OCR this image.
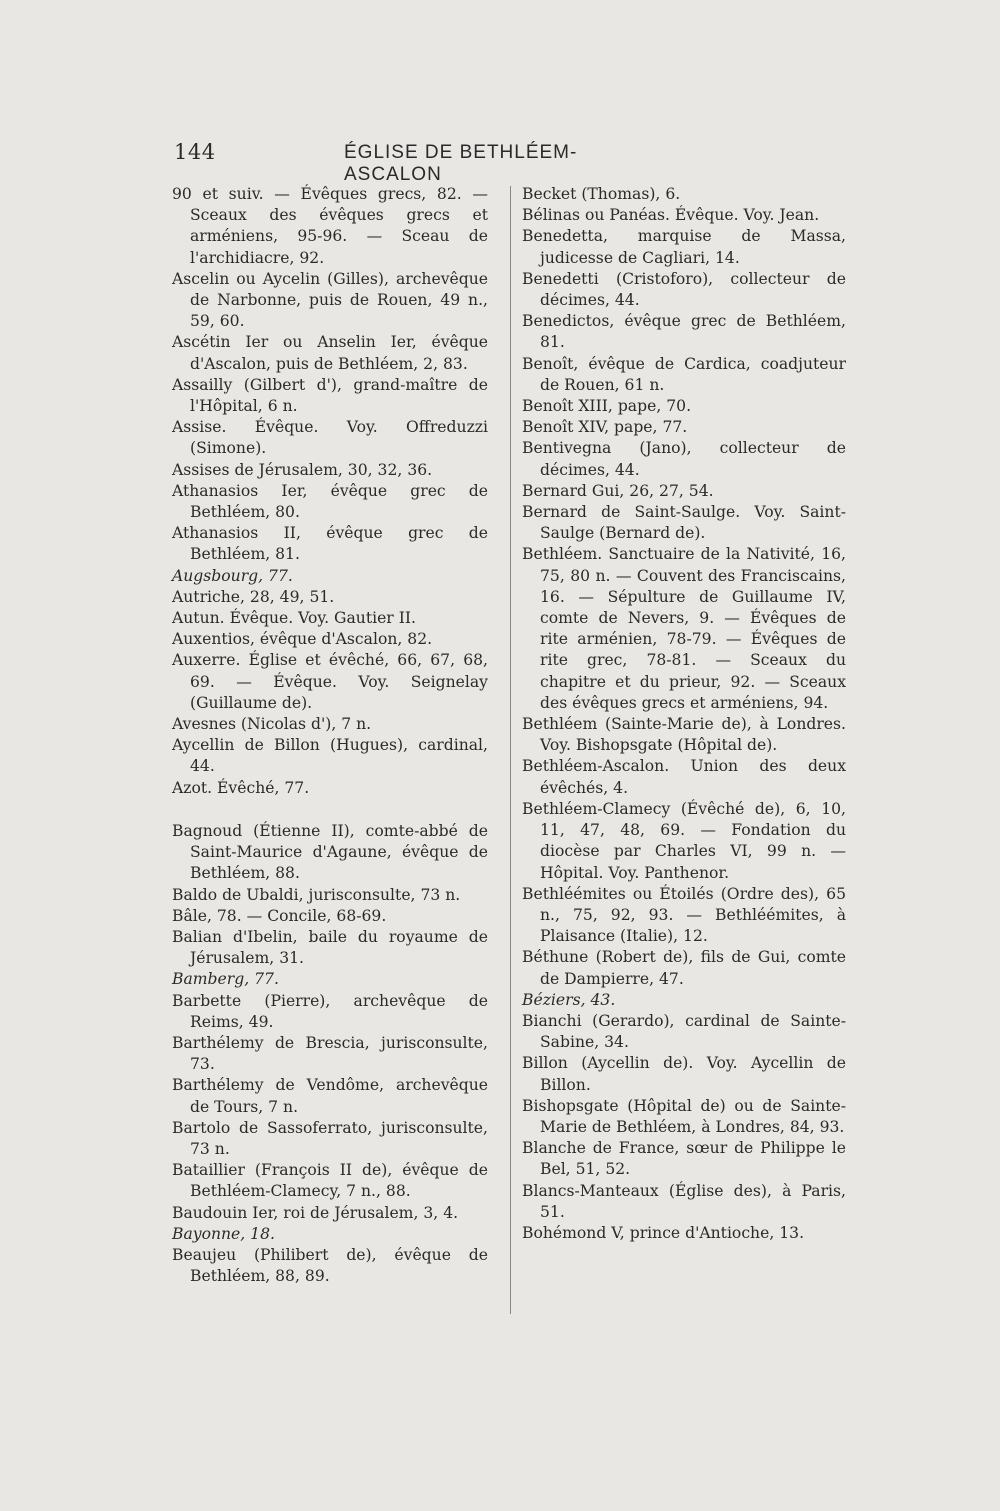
144	ÉGLISE DE BETHLÉEM-ASCALON

90 et suiv. — Évêques grecs, 82. — Sceaux des évêques grecs et arméniens, 95-96. — Sceau de l'archidiacre, 92.

Ascelin ou Aycelin (Gilles), archevêque de Narbonne, puis de Rouen, 49 n., 59, 60.

Ascétin Ier ou Anselin Ier, évêque d'Ascalon, puis de Bethléem, 2, 83.

Assailly (Gilbert d'), grand-maître de l'Hôpital, 6 n.

Assise. Évêque. Voy. Offreduzzi (Simone).

Assises de Jérusalem, 30, 32, 36.

Athanasios Ier, évêque grec de Bethléem, 80.

Athanasios II, évêque grec de Bethléem, 81.

Augsbourg, 77.

Autriche, 28, 49, 51.

Autun. Évêque. Voy. Gautier II.

Auxentios, évêque d'Ascalon, 82.

Auxerre. Église et évêché, 66, 67, 68, 69. — Évêque. Voy. Seignelay (Guillaume de).

Avesnes (Nicolas d'), 7 n.

Aycellin de Billon (Hugues), cardinal, 44.

Azot. Évêché, 77.

Bagnoud (Étienne II), comte-abbé de Saint-Maurice d'Agaune, évêque de Bethléem, 88.

Baldo de Ubaldi, jurisconsulte, 73 n.

Bâle, 78. — Concile, 68-69.

Balian d'Ibelin, baile du royaume de Jérusalem, 31.

Bamberg, 77.

Barbette (Pierre), archevêque de Reims, 49.

Barthélemy de Brescia, jurisconsulte, 73.

Barthélemy de Vendôme, archevêque de Tours, 7 n.

Bartolo de Sassoferrato, jurisconsulte, 73 n.

Bataillier (François II de), évêque de Bethléem-Clamecy, 7 n., 88.

Baudouin Ier, roi de Jérusalem, 3, 4.

Bayonne, 18.

Beaujeu (Philibert de), évêque de Bethléem, 88, 89.

Becket (Thomas), 6.

Bélinas ou Panéas. Évêque. Voy. Jean.

Benedetta, marquise de Massa, judicesse de Cagliari, 14.

Benedetti (Cristoforo), collecteur de décimes, 44.

Benedictos, évêque grec de Bethléem, 81.

Benoît, évêque de Cardica, coadjuteur de Rouen, 61 n.

Benoît XIII, pape, 70.

Benoît XIV, pape, 77.

Bentivegna (Jano), collecteur de décimes, 44.

Bernard Gui, 26, 27, 54.

Bernard de Saint-Saulge. Voy. Saint-Saulge (Bernard de).

Bethléem. Sanctuaire de la Nativité, 16, 75, 80 n. — Couvent des Franciscains, 16. — Sépulture de Guillaume IV, comte de Nevers, 9. — Évêques de rite arménien, 78-79. — Évêques de rite grec, 78-81. — Sceaux du chapitre et du prieur, 92. — Sceaux des évêques grecs et arméniens, 94.

Bethléem (Sainte-Marie de), à Londres. Voy. Bishopsgate (Hôpital de).

Bethléem-Ascalon. Union des deux évêchés, 4.

Bethléem-Clamecy (Évêché de), 6, 10, 11, 47, 48, 69. — Fondation du diocèse par Charles VI, 99 n. — Hôpital. Voy. Panthenor.

Bethléémites ou Étoilés (Ordre des), 65 n., 75, 92, 93. — Bethléémites, à Plaisance (Italie), 12.

Béthune (Robert de), fils de Gui, comte de Dampierre, 47.

Béziers, 43.

Bianchi (Gerardo), cardinal de Sainte-Sabine, 34.

Billon (Aycellin de). Voy. Aycellin de Billon.

Bishopsgate (Hôpital de) ou de Sainte-Marie de Bethléem, à Londres, 84, 93.

Blanche de France, sœur de Philippe le Bel, 51, 52.

Blancs-Manteaux (Église des), à Paris, 51.

Bohémond V, prince d'Antioche, 13.
